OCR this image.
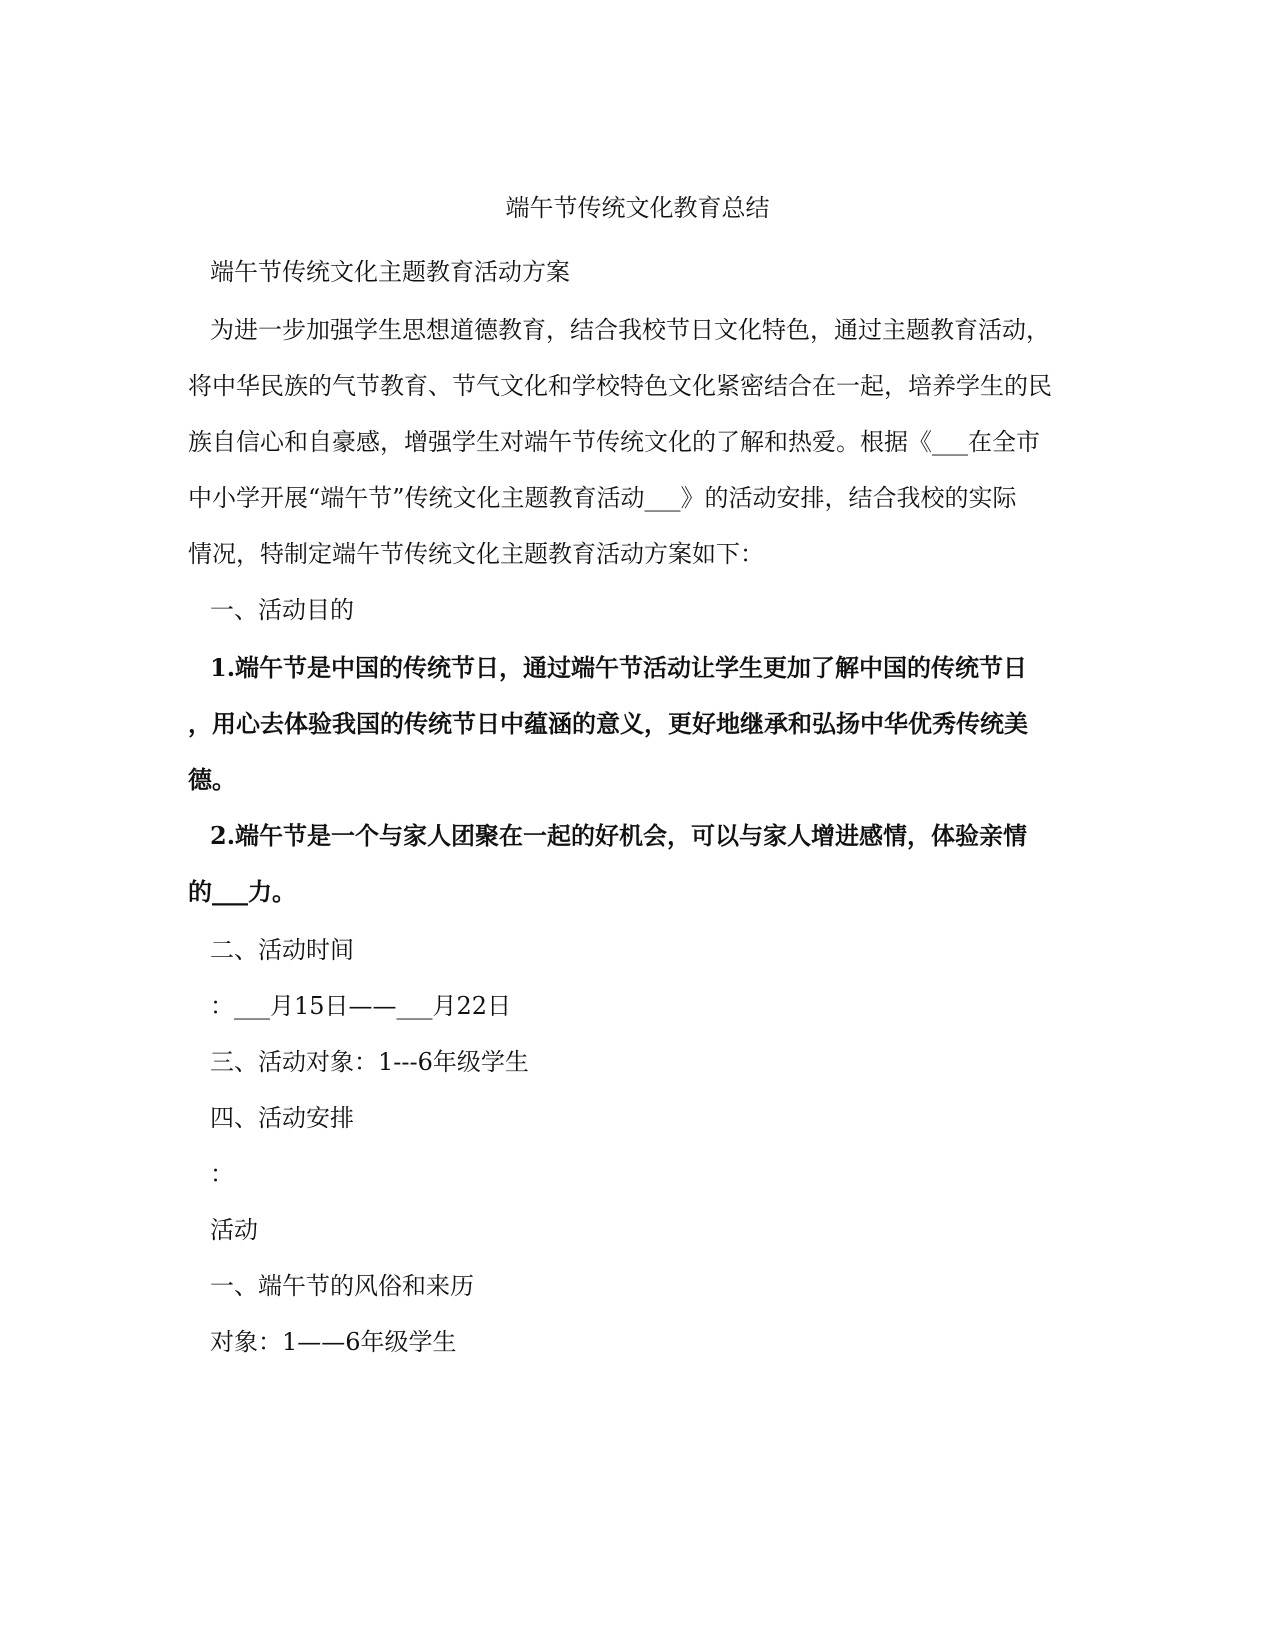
端午节传统文化教育总结

端午节传统文化主题教育活动方案

为进一步加强学生思想道德教育，结合我校节日文化特色，通过主题教育活动，

将中华民族的气节教育、节气文化和学校特色文化紧密结合在一起，培养学生的民

族自信心和自豪感，增强学生对端午节传统文化的了解和热爱。根据《___在全市

中小学开展“端午节”传统文化主题教育活动___》的活动安排，结合我校的实际

情况，特制定端午节传统文化主题教育活动方案如下：

一、活动目的

1.端午节是中国的传统节日，通过端午节活动让学生更加了解中国的传统节日

，用心去体验我国的传统节日中蕴涵的意义，更好地继承和弘扬中华优秀传统美

德。

2.端午节是一个与家人团聚在一起的好机会，可以与家人增进感情，体验亲情

的___力。

二、活动时间

：___月15日——___月22日

三、活动对象：1---6年级学生

四、活动安排

：

活动

一、端午节的风俗和来历

对象：1——6年级学生
